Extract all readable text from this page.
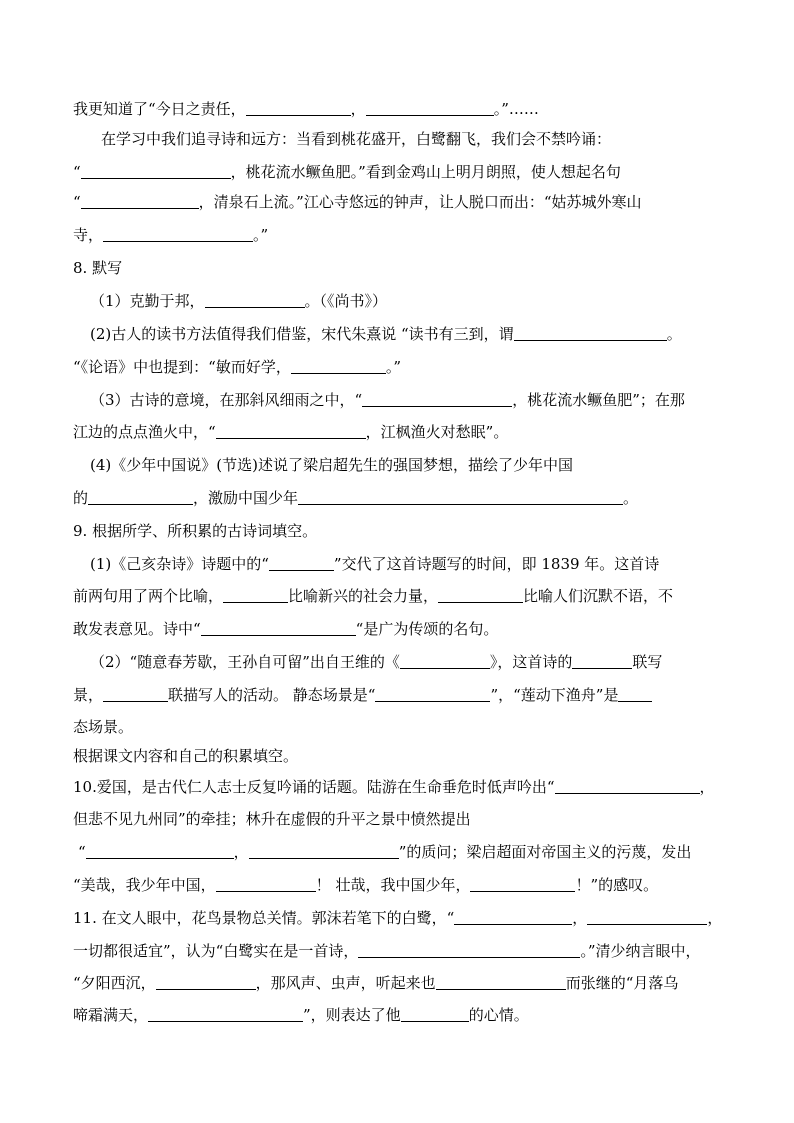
我更知道了“今日之责任，	，	。”……
在学习中我们追寻诗和远方：当看到桃花盛开，白鹭翻飞，我们会不禁吟诵：
“	，桃花流水鳜鱼肥。”看到金鸡山上明月朗照，使人想起名句
“	，清泉石上流。”江心寺悠远的钟声，让人脱口而出：“姑苏城外寒山
寺，	。”
8. 默写
（1）克勤于邦，	。（《尚书》）
(2)古人的读书方法值得我们借鉴，宋代朱熹说 “读书有三到，谓	。
“《论语》中也提到：“敏而好学，	。”
（3）古诗的意境，在那斜风细雨之中，“	，桃花流水鳜鱼肥”；在那
江边的点点渔火中，“	，江枫渔火对愁眠”。
(4)《少年中国说》(节选)述说了梁启超先生的强国梦想，描绘了少年中国
的	，激励中国少年	。
9. 根据所学、所积累的古诗词填空。
(1)《己亥杂诗》诗题中的“	”交代了这首诗题写的时间，即 1839 年。这首诗
前两句用了两个比喻，	比喻新兴的社会力量，	比喻人们沉默不语，不
敢发表意见。诗中“	“是广为传颂的名句。
（2）“随意春芳歇，王孙自可留”出自王维的《	》，这首诗的	联写
景，	联描写人的活动。 静态场景是“	”，“莲动下渔舟”是
态场景。
根据课文内容和自己的积累填空。
10.爱国，是古代仁人志士反复吟诵的话题。陆游在生命垂危时低声吟出“	，
但悲不见九州同”的牵挂；林升在虚假的升平之景中愤然提出
“	，	”的质问；梁启超面对帝国主义的污蔑，发出
“美哉，我少年中国，	！ 壮哉，我中国少年，	！”的感叹。
11. 在文人眼中，花鸟景物总关情。郭沫若笔下的白鹭，“	，	，
一切都很适宜”，认为“白鹭实在是一首诗，	。”清少纳言眼中，
“夕阳西沉，	，那风声、虫声，听起来也	而张继的“月落乌
啼霜满天，	”，则表达了他	的心情。
